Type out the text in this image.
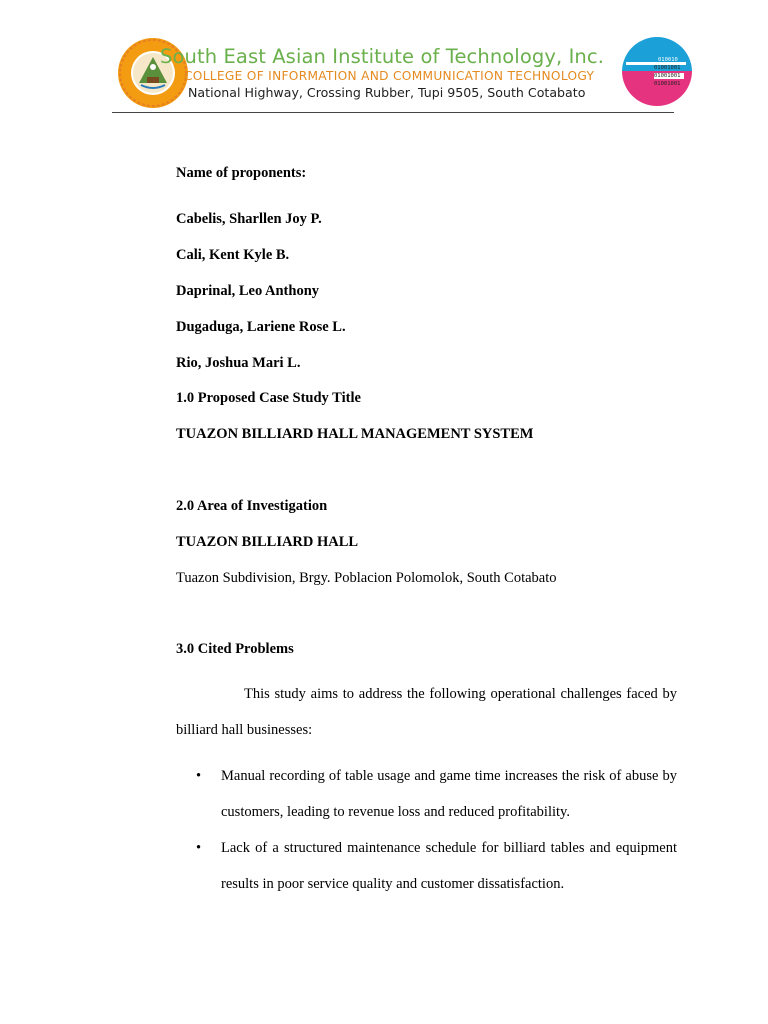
South East Asian Institute of Technology, Inc.
COLLEGE OF INFORMATION AND COMMUNICATION TECHNOLOGY
National Highway, Crossing Rubber, Tupi 9505, South Cotabato
010010
01001001
01001001
01001001

Name of proponents:

Cabelis, Sharllen Joy P.

Cali, Kent Kyle B.

Daprinal, Leo Anthony

Dugaduga, Lariene Rose L.

Rio, Joshua Mari L.

1.0 Proposed Case Study Title

TUAZON BILLIARD HALL MANAGEMENT SYSTEM

2.0 Area of Investigation

TUAZON BILLIARD HALL

Tuazon Subdivision, Brgy. Poblacion Polomolok, South Cotabato

3.0 Cited Problems

This study aims to address the following operational challenges faced by billiard hall businesses:

• Manual recording of table usage and game time increases the risk of abuse by customers, leading to revenue loss and reduced profitability.
• Lack of a structured maintenance schedule for billiard tables and equipment results in poor service quality and customer dissatisfaction.
